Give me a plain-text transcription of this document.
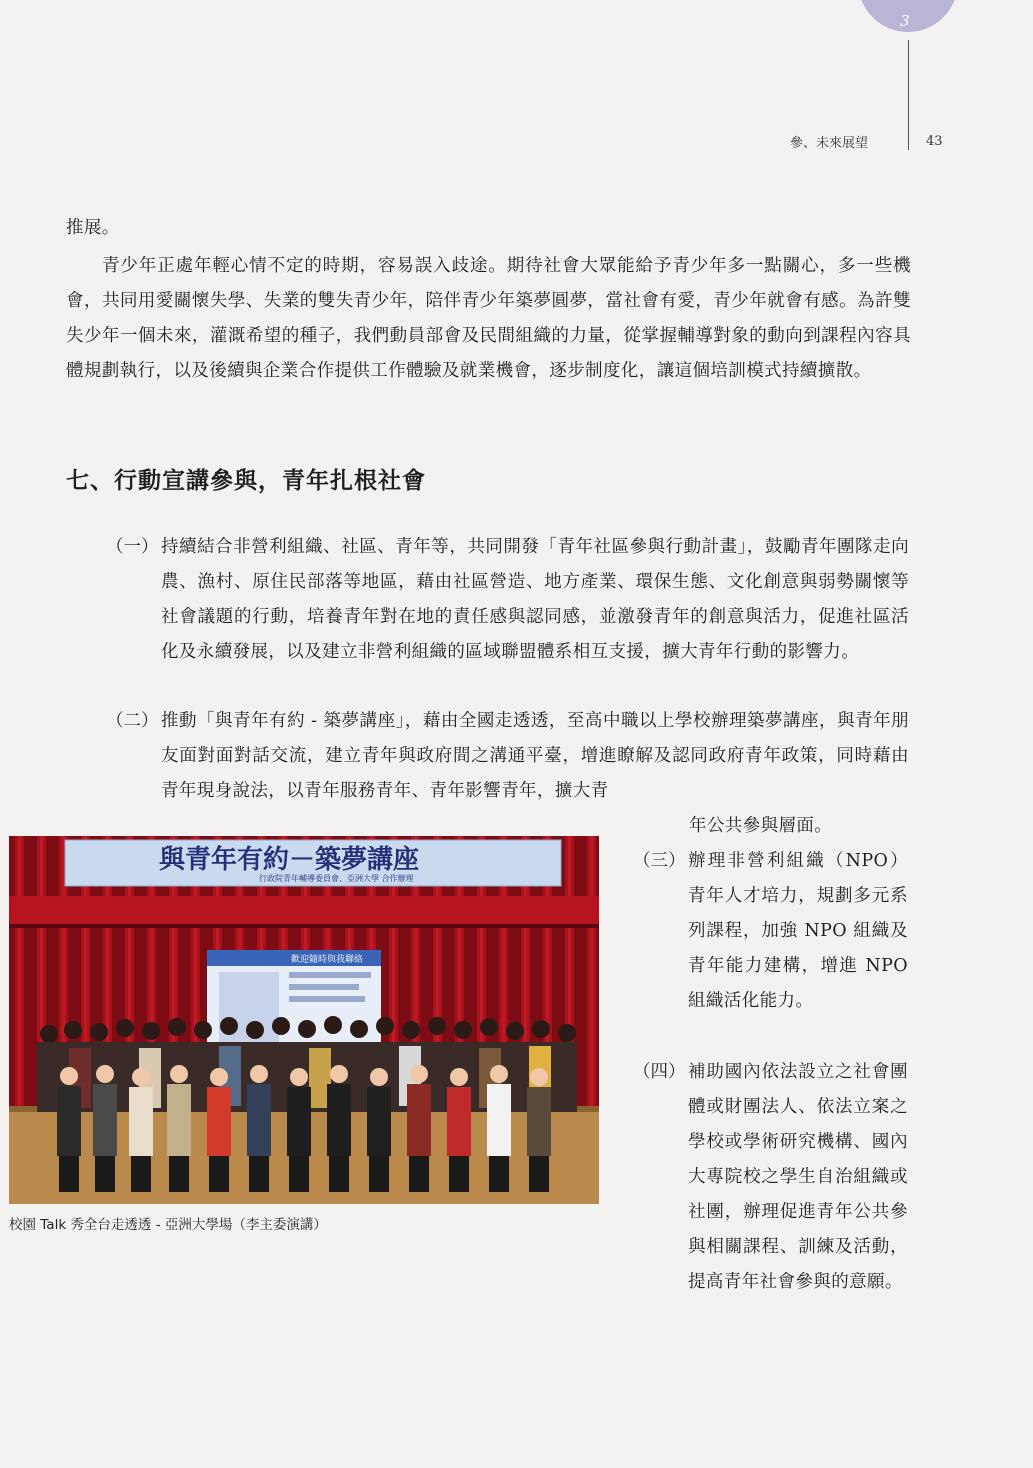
3
參、未來展望	43

推展。

青少年正處年輕心情不定的時期，容易誤入歧途。期待社會大眾能給予青少年多一點關心，多一些機會，共同用愛關懷失學、失業的雙失青少年，陪伴青少年築夢圓夢，當社會有愛，青少年就會有感。為許雙失少年一個未來，灌溉希望的種子，我們動員部會及民間組織的力量，從掌握輔導對象的動向到課程內容具體規劃執行，以及後續與企業合作提供工作體驗及就業機會，逐步制度化，讓這個培訓模式持續擴散。

七、行動宣講參與，青年扎根社會
（一） 持續結合非營利組織、社區、青年等，共同開發「青年社區參與行動計畫」，鼓勵青年團隊走向農、漁村、原住民部落等地區，藉由社區營造、地方產業、環保生態、文化創意與弱勢關懷等社會議題的行動，培養青年對在地的責任感與認同感，並激發青年的創意與活力，促進社區活化及永續發展，以及建立非營利組織的區域聯盟體系相互支援，擴大青年行動的影響力。

（二） 推動「與青年有約 - 築夢講座」，藉由全國走透透，至高中職以上學校辦理築夢講座，與青年朋友面對面對話交流，建立青年與政府間之溝通平臺，增進瞭解及認同政府青年政策，同時藉由青年現身說法，以青年服務青年、青年影響青年，擴大青

年公共參與層面。

（三） 辦理非營利組織（NPO）青年人才培力，規劃多元系列課程，加強 NPO 組織及青年能力建構，增進 NPO 組織活化能力。

（四） 補助國內依法設立之社會團體或財團法人、依法立案之學校或學術研究機構、國內大專院校之學生自治組織或社團，辦理促進青年公共參與相關課程、訓練及活動，提高青年社會參與的意願。

與青年有約－築夢講座
行政院青年輔導委員會、亞洲大學 合作辦理
歡迎隨時與我聯絡
校園 Talk 秀全台走透透 - 亞洲大學場（李主委演講）
